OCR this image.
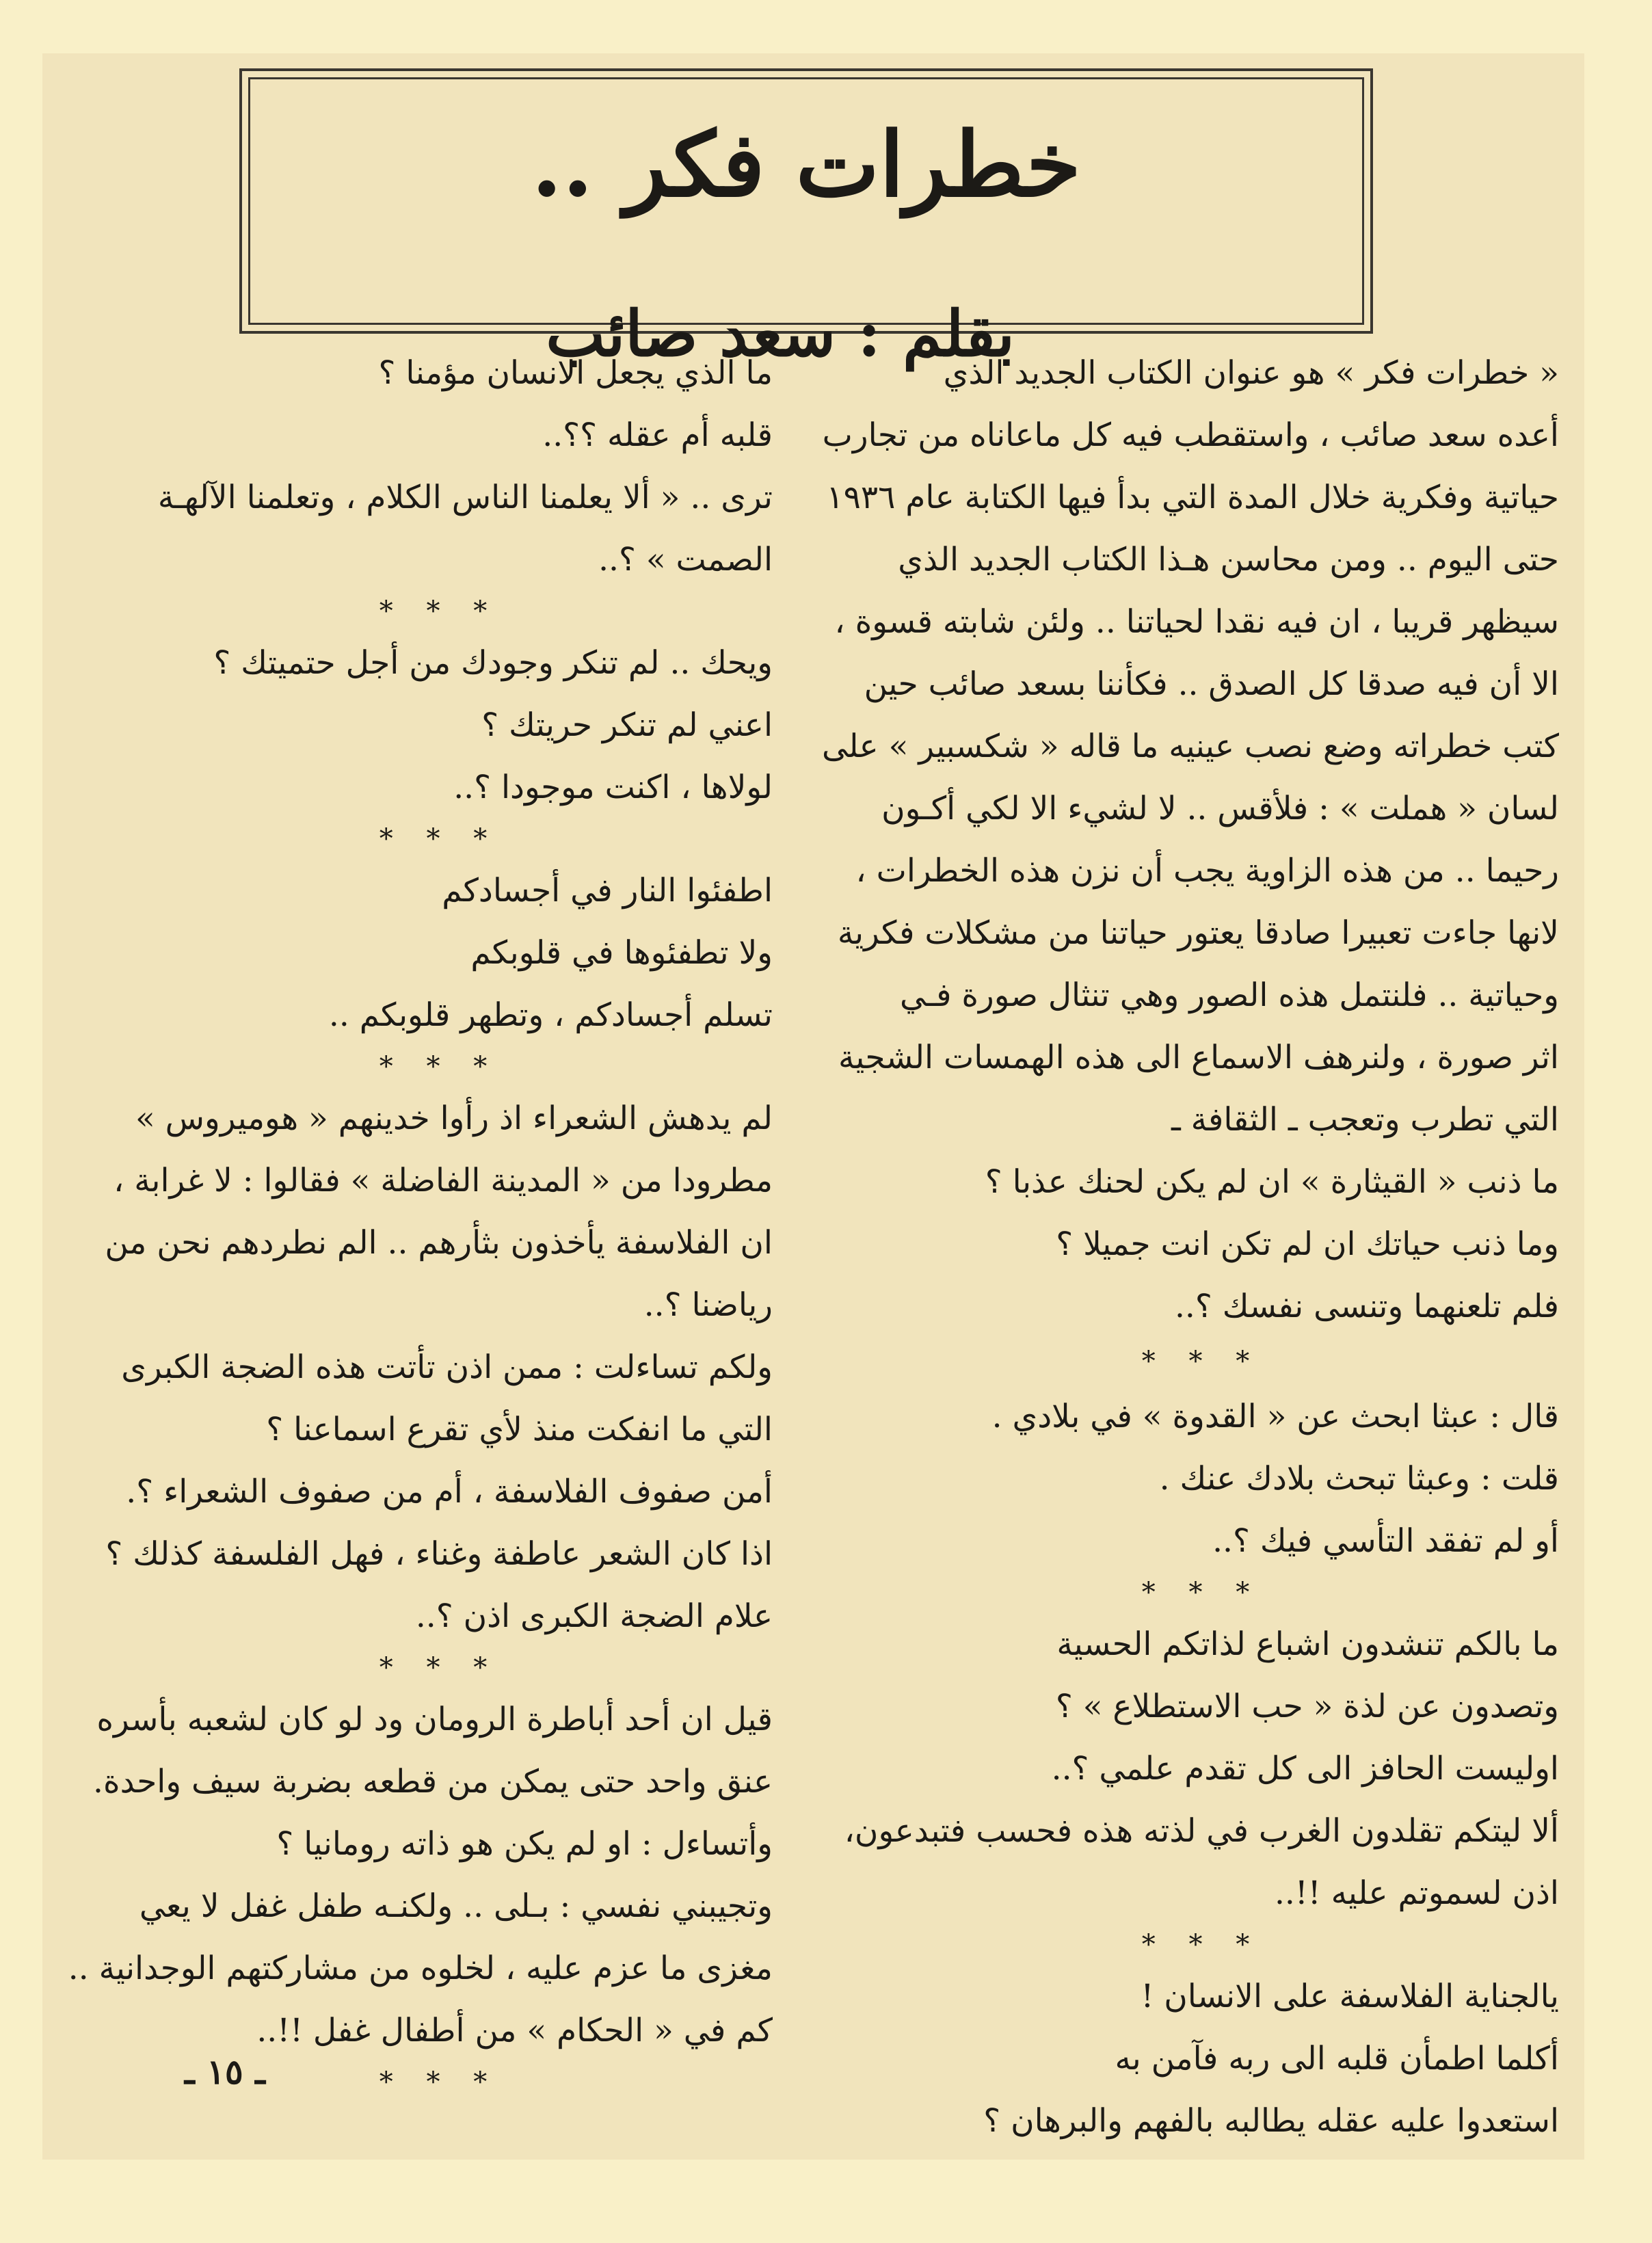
خطرات فكر ..
بقلم : سعد صائب
« خطرات فكر » هو عنوان الكتاب الجديد الذي
أعده سعد صائب ، واستقطب فيه كل ماعاناه من تجارب
حياتية وفكرية خلال المدة التي بدأ فيها الكتابة عام ١٩٣٦
حتى اليوم .. ومن محاسن هـذا الكتاب الجديد الذي
سيظهر قريبا ، ان فيه نقدا لحياتنا .. ولئن شابته قسوة ،
الا أن فيه صدقا كل الصدق .. فكأننا بسعد صائب حين
كتب خطراته وضع نصب عينيه ما قاله « شكسبير » على
لسان « هملت » : فلأقس .. لا لشيء الا لكي أكـون
رحيما .. من هذه الزاوية يجب أن نزن هذه الخطرات ،
لانها جاءت تعبيرا صادقا يعتور حياتنا من مشكلات فكرية
وحياتية .. فلنتمل هذه الصور وهي تنثال صورة فـي
اثر صورة ، ولنرهف الاسماع الى هذه الهمسات الشجية
التي تطرب وتعجب ـ الثقافة ـ
ما ذنب « القيثارة » ان لم يكن لحنك عذبا ؟
وما ذنب حياتك ان لم تكن انت جميلا ؟
فلم تلعنهما وتنسى نفسك ؟..
* * *
قال : عبثا ابحث عن « القدوة » في بلادي .
قلت : وعبثا تبحث بلادك عنك .
أو لم تفقد التأسي فيك ؟..
* * *
ما بالكم تنشدون اشباع لذاتكم الحسية
وتصدون عن لذة « حب الاستطلاع » ؟
اوليست الحافز الى كل تقدم علمي ؟..
ألا ليتكم تقلدون الغرب في لذته هذه فحسب فتبدعون،
اذن لسموتم عليه !!..
* * *
يالجناية الفلاسفة على الانسان !
أكلما اطمأن قلبه الى ربه فآمن به
استعدوا عليه عقله يطالبه بالفهم والبرهان ؟
ما الذي يجعل الانسان مؤمنا ؟
قلبه أم عقله ؟؟..
ترى .. « ألا يعلمنا الناس الكلام ، وتعلمنا الآلهـة
الصمت » ؟..
* * *
ويحك .. لم تنكر وجودك من أجل حتميتك ؟
اعني لم تنكر حريتك ؟
لولاها ، اكنت موجودا ؟..
* * *
اطفئوا النار في أجسادكم
ولا تطفئوها في قلوبكم
تسلم أجسادكم ، وتطهر قلوبكم ..
* * *
لم يدهش الشعراء اذ رأوا خدينهم « هوميروس »
مطرودا من « المدينة الفاضلة » فقالوا : لا غرابة ،
ان الفلاسفة يأخذون بثأرهم .. الم نطردهم نحن من
رياضنا ؟..
ولكم تساءلت : ممن اذن تأتت هذه الضجة الكبرى
التي ما انفكت منذ لأي تقرع اسماعنا ؟
أمن صفوف الفلاسفة ، أم من صفوف الشعراء ؟.
اذا كان الشعر عاطفة وغناء ، فهل الفلسفة كذلك ؟
علام الضجة الكبرى اذن ؟..
* * *
قيل ان أحد أباطرة الرومان ود لو كان لشعبه بأسره
عنق واحد حتى يمكن من قطعه بضربة سيف واحدة.
وأتساءل : او لم يكن هو ذاته رومانيا ؟
وتجيبني نفسي : بـلى .. ولكنـه طفل غفل لا يعي
مغزى ما عزم عليه ، لخلوه من مشاركتهم الوجدانية ..
كم في « الحكام » من أطفال غفل !!..
* * *
ـ ١٥ ـ
